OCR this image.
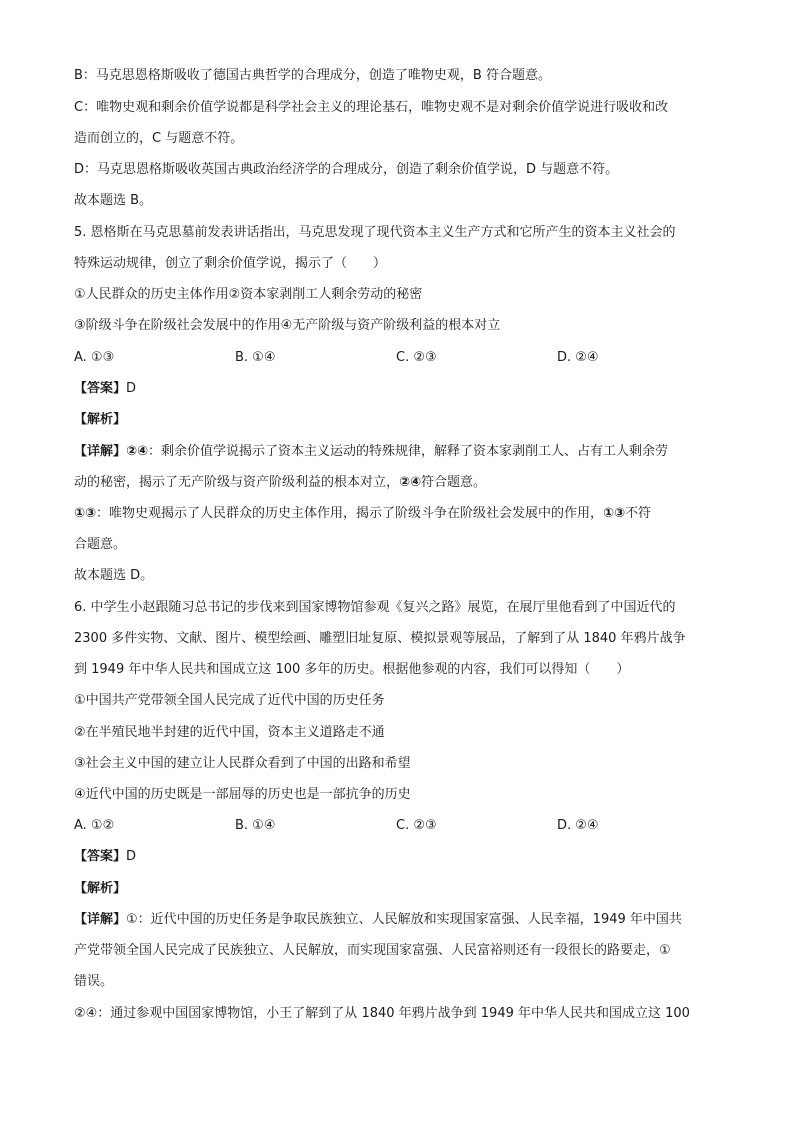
B：马克思恩格斯吸收了德国古典哲学的合理成分，创造了唯物史观，B 符合题意。
C：唯物史观和剩余价值学说都是科学社会主义的理论基石，唯物史观不是对剩余价值学说进行吸收和改
造而创立的，C 与题意不符。
D：马克思恩格斯吸收英国古典政治经济学的合理成分，创造了剩余价值学说，D 与题意不符。
故本题选 B。
5. 恩格斯在马克思墓前发表讲话指出，马克思发现了现代资本主义生产方式和它所产生的资本主义社会的
特殊运动规律，创立了剩余价值学说，揭示了（　　）
①人民群众的历史主体作用②资本家剥削工人剩余劳动的秘密
③阶级斗争在阶级社会发展中的作用④无产阶级与资产阶级利益的根本对立
A. ①③	B. ①④	C. ②③	D. ②④
【答案】D
【解析】
【详解】②④：剩余价值学说揭示了资本主义运动的特殊规律，解释了资本家剥削工人、占有工人剩余劳
动的秘密，揭示了无产阶级与资产阶级利益的根本对立，②④符合题意。
①③：唯物史观揭示了人民群众的历史主体作用，揭示了阶级斗争在阶级社会发展中的作用，①③不符
合题意。
故本题选 D。
6. 中学生小赵跟随习总书记的步伐来到国家博物馆参观《复兴之路》展览，在展厅里他看到了中国近代的
2300 多件实物、文献、图片、模型绘画、雕塑旧址复原、模拟景观等展品，了解到了从 1840 年鸦片战争
到 1949 年中华人民共和国成立这 100 多年的历史。根据他参观的内容，我们可以得知（　　）
①中国共产党带领全国人民完成了近代中国的历史任务
②在半殖民地半封建的近代中国，资本主义道路走不通
③社会主义中国的建立让人民群众看到了中国的出路和希望
④近代中国的历史既是一部屈辱的历史也是一部抗争的历史
A. ①②	B. ①④	C. ②③	D. ②④
【答案】D
【解析】
【详解】①：近代中国的历史任务是争取民族独立、人民解放和实现国家富强、人民幸福，1949 年中国共
产党带领全国人民完成了民族独立、人民解放，而实现国家富强、人民富裕则还有一段很长的路要走，①
错误。
②④：通过参观中国国家博物馆，小王了解到了从 1840 年鸦片战争到 1949 年中华人民共和国成立这 100
